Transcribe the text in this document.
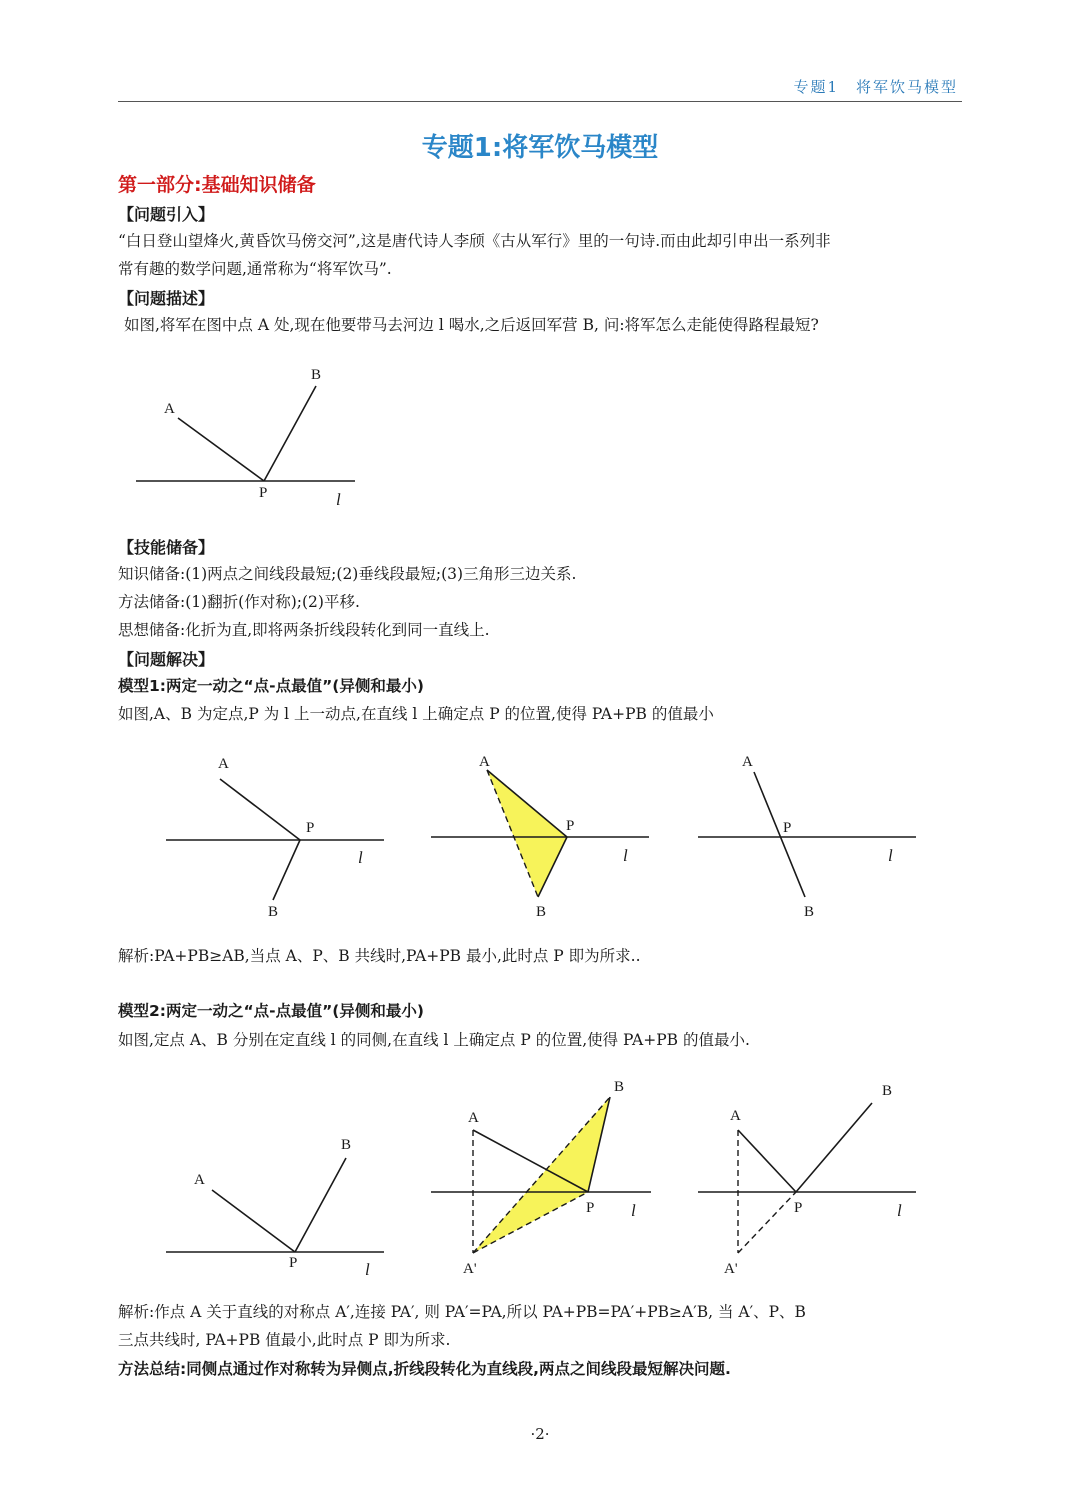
专题1　将军饮马模型
专题1:将军饮马模型
第一部分:基础知识储备
【问题引入】
“白日登山望烽火,黄昏饮马傍交河”,这是唐代诗人李颀《古从军行》里的一句诗.而由此却引申出一系列非
常有趣的数学问题,通常称为“将军饮马”.
【问题描述】
如图,将军在图中点 A 处,现在他要带马去河边 l 喝水,之后返回军营 B, 问:将军怎么走能使得路程最短?
A
B
P	l
【技能储备】
知识储备:(1)两点之间线段最短;(2)垂线段最短;(3)三角形三边关系.
方法储备:(1)翻折(作对称);(2)平移.
思想储备:化折为直,即将两条折线段转化到同一直线上.
【问题解决】
模型1:两定一动之“点-点最值”(异侧和最小)
如图,A、B 为定点,P 为 l 上一动点,在直线 l 上确定点 P 的位置,使得 PA+PB 的值最小
A
P
B
l
A
P
B
l
A
P
B
l
解析:PA+PB≥AB,当点 A、P、B 共线时,PA+PB 最小,此时点 P 即为所求..
模型2:两定一动之“点-点最值”(异侧和最小)
如图,定点 A、B 分别在定直线 l 的同侧,在直线 l 上确定点 P 的位置,使得 PA+PB 的值最小.
A
B
P	l
A
B
P
A'
l
A
B
P
A'
l
解析:作点 A 关于直线的对称点 A′,连接 PA′, 则 PA′=PA,所以 PA+PB=PA′+PB≥A′B, 当 A′、P、B
三点共线时, PA+PB 值最小,此时点 P 即为所求.
方法总结:同侧点通过作对称转为异侧点,折线段转化为直线段,两点之间线段最短解决问题.
·2·
